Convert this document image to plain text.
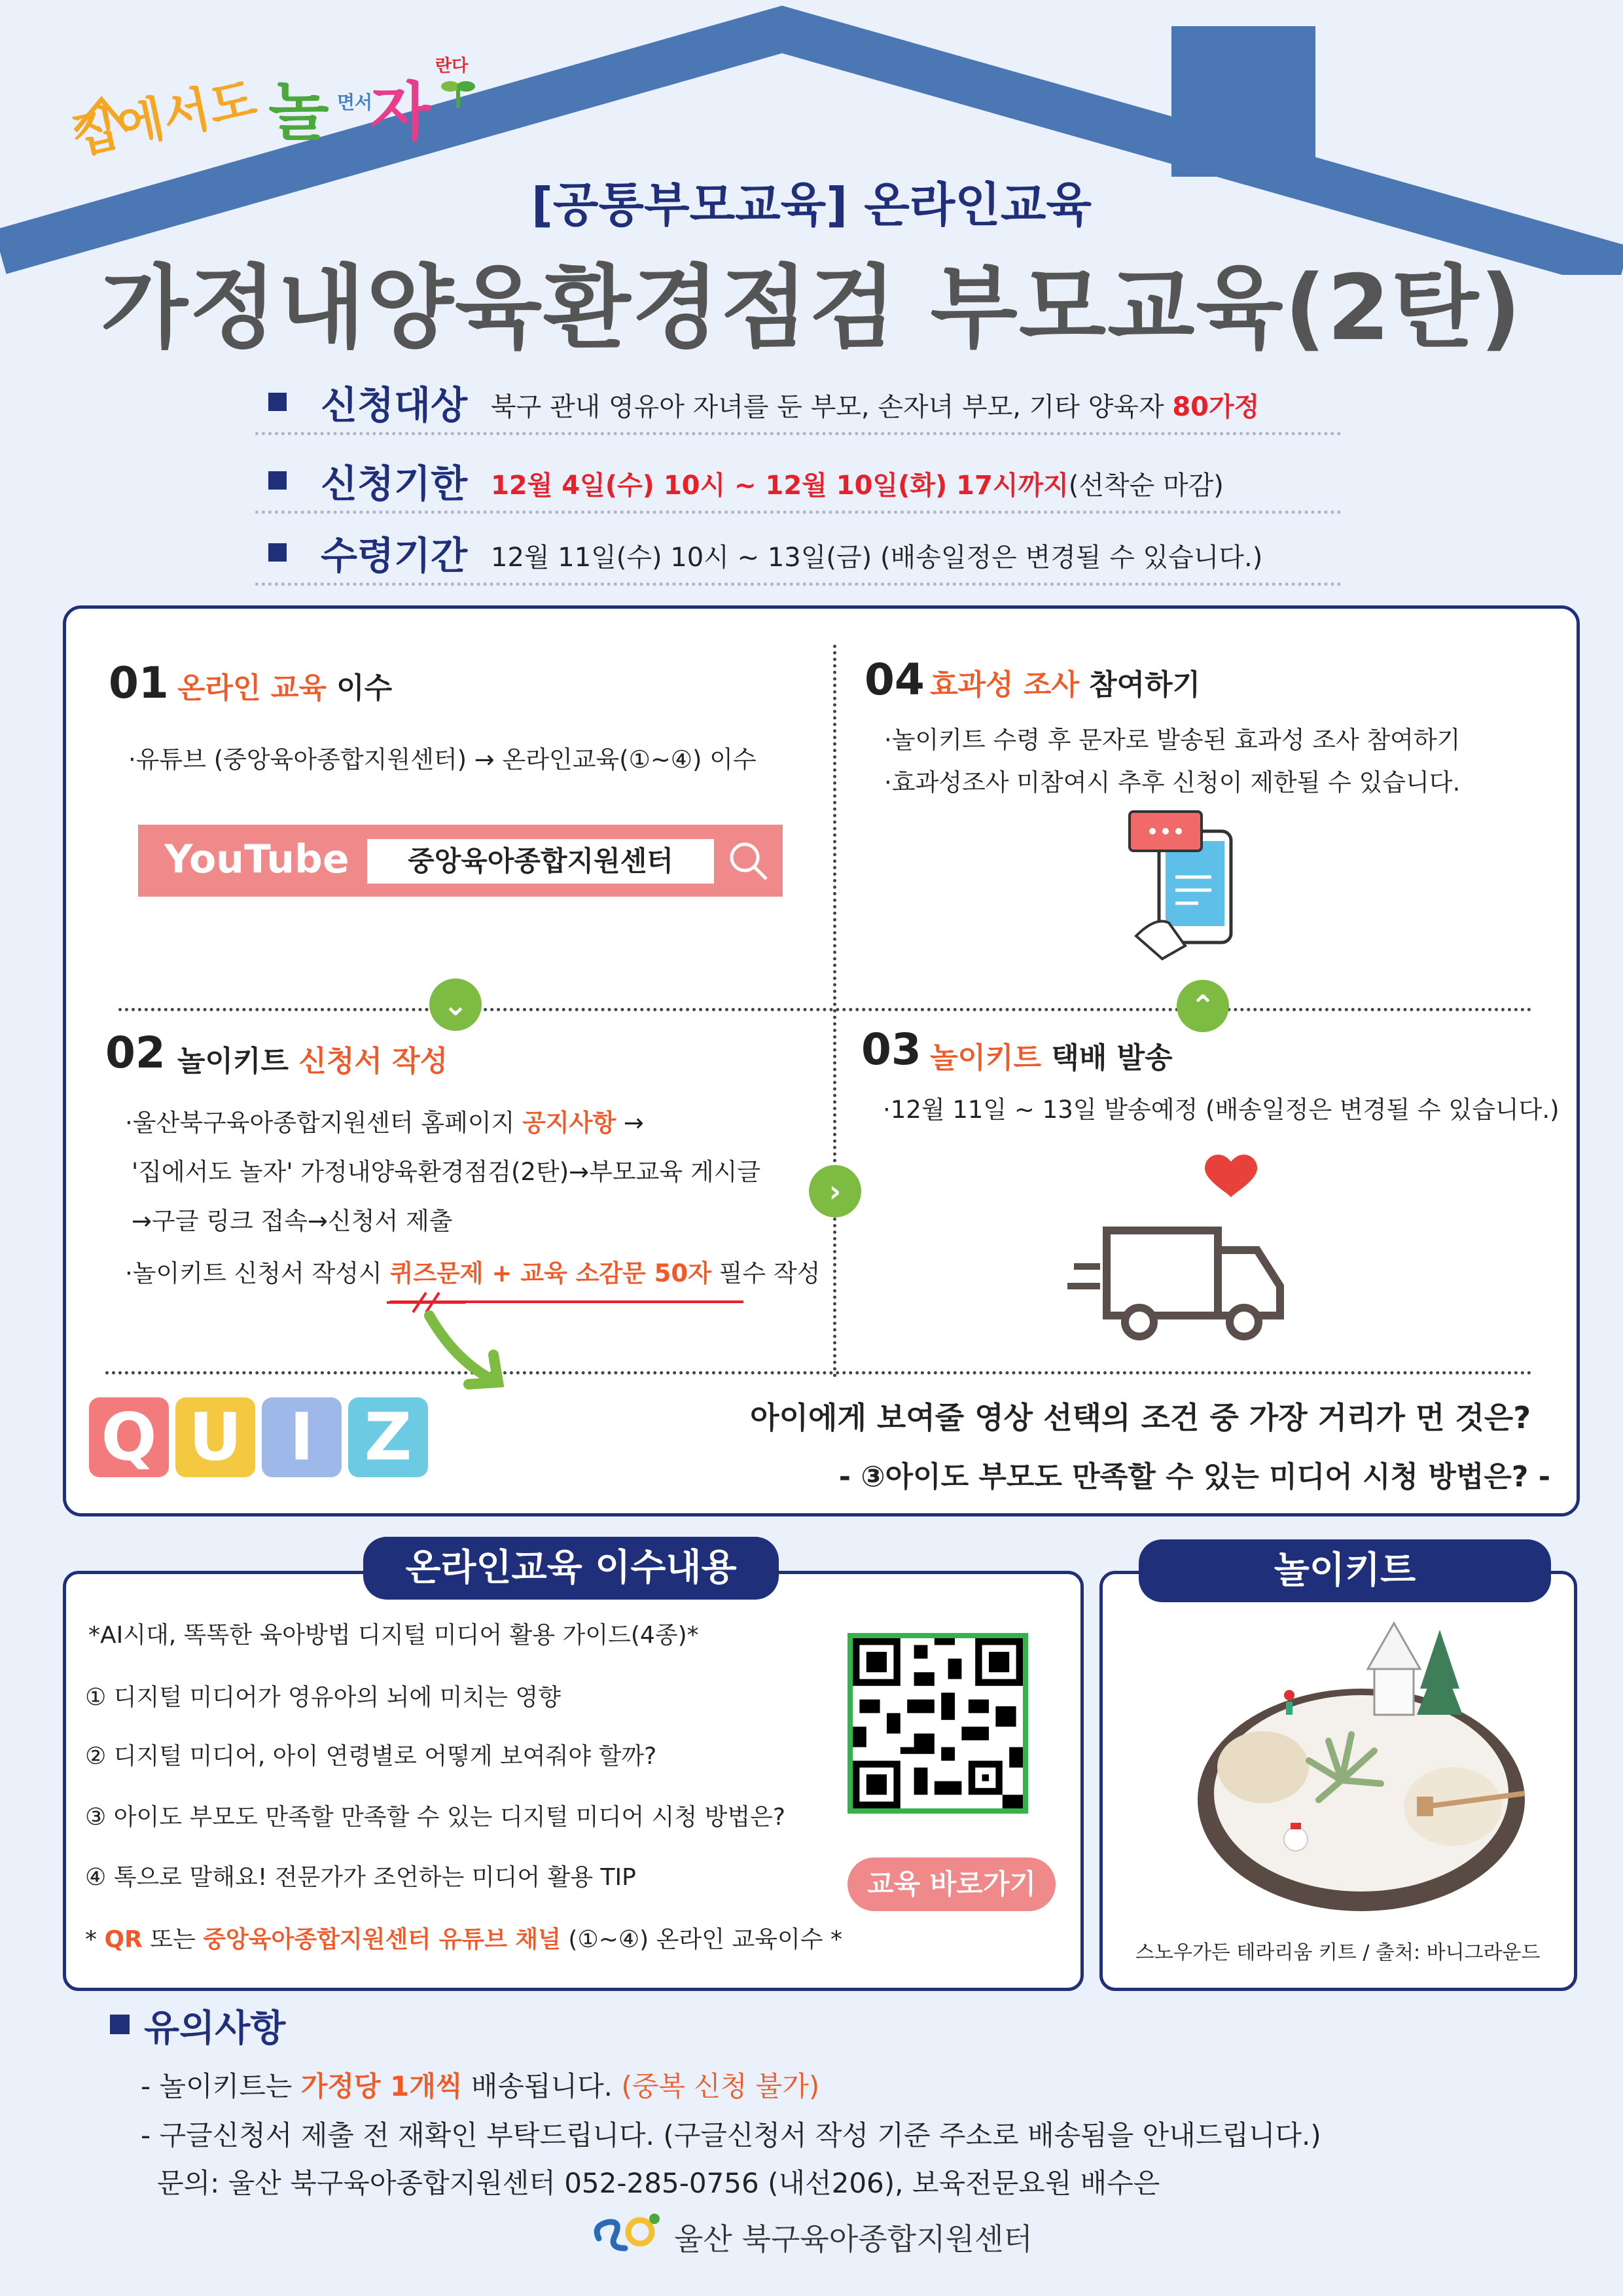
집에서도 놀 면서
자
란다
[공통부모교육] 온라인교육
가정내양육환경점검 부모교육(2탄)
신청대상 북구 관내 영유아 자녀를 둔 부모, 손자녀 부모, 기타 양육자 80가정
신청기한 12월 4일(수) 10시 ~ 12월 10일(화) 17시까지(선착순 마감)
수령기간 12월 11일(수) 10시 ~ 13일(금) (배송일정은 변경될 수 있습니다.)
01 온라인 교육 이수
·유튜브 (중앙육아종합지원센터) → 온라인교육(①~④) 이수
YouTube	중앙육아종합지원센터
⌄
04 효과성 조사 참여하기
·놀이키트 수령 후 문자로 발송된 효과성 조사 참여하기
·효과성조사 미참여시 추후 신청이 제한될 수 있습니다.
⌃
02 놀이키트 신청서 작성
·울산북구육아종합지원센터 홈페이지 공지사항 →
'집에서도 놀자' 가정내양육환경점검(2탄)→부모교육 게시글
→구글 링크 접속→신청서 제출
·놀이키트 신청서 작성시 퀴즈문제 + 교육 소감문 50자 필수 작성
›
03 놀이키트 택배 발송
·12월 11일 ~ 13일 발송예정 (배송일정은 변경될 수 있습니다.)
Q U I Z	아이에게 보여줄 영상 선택의 조건 중 가장 거리가 먼 것은?
- ③아이도 부모도 만족할 수 있는 미디어 시청 방법은? -
온라인교육 이수내용
*AI시대, 똑똑한 육아방법 디지털 미디어 활용 가이드(4종)*
① 디지털 미디어가 영유아의 뇌에 미치는 영향
② 디지털 미디어, 아이 연령별로 어떻게 보여줘야 할까?
③ 아이도 부모도 만족할 만족할 수 있는 디지털 미디어 시청 방법은?
④ 톡으로 말해요! 전문가가 조언하는 미디어 활용 TIP
* QR 또는 중앙육아종합지원센터 유튜브 채널 (①~④) 온라인 교육이수 *
교육 바로가기
놀이키트
스노우가든 테라리움 키트 / 출처: 바니그라운드
유의사항
- 놀이키트는 가정당 1개씩 배송됩니다. (중복 신청 불가)
- 구글신청서 제출 전 재확인 부탁드립니다. (구글신청서 작성 기준 주소로 배송됨을 안내드립니다.)
문의: 울산 북구육아종합지원센터 052-285-0756 (내선206), 보육전문요원 배수은
울산 북구육아종합지원센터
